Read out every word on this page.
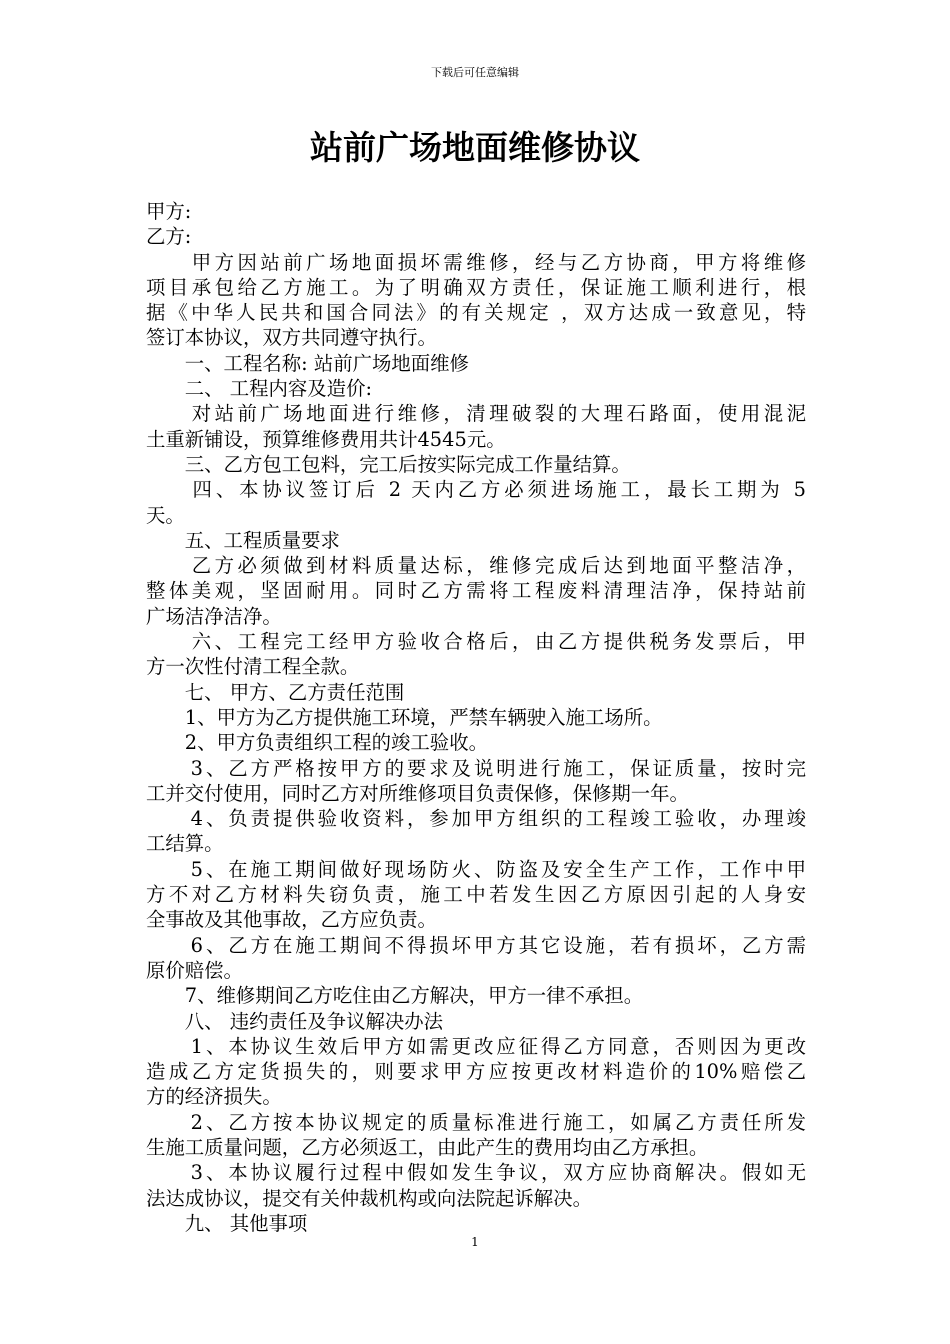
下载后可任意编辑
站前广场地面维修协议
甲方:
乙方:
　　甲方因站前广场地面损坏需维修，经与乙方协商，甲方将维修
项目承包给乙方施工。为了明确双方责任，保证施工顺利进行，根
据《中华人民共和国合同法》的有关规定 ，双方达成一致意见，特
签订本协议，双方共同遵守执行。
　　一、工程名称: 站前广场地面维修
　　二、 工程内容及造价:
　　对站前广场地面进行维修，清理破裂的大理石路面，使用混泥
土重新铺设，预算维修费用共计4545元。
　　三、乙方包工包料，完工后按实际完成工作量结算。
　　四、本协议签订后 2 天内乙方必须进场施工，最长工期为 5
天。
　　五、工程质量要求
　　乙方必须做到材料质量达标，维修完成后达到地面平整洁净，
整体美观，坚固耐用。同时乙方需将工程废料清理洁净，保持站前
广场洁净洁净。
　　六、工程完工经甲方验收合格后，由乙方提供税务发票后，甲
方一次性付清工程全款。
　　七、 甲方、乙方责任范围
　　1、甲方为乙方提供施工环境，严禁车辆驶入施工场所。
　　2、甲方负责组织工程的竣工验收。
　　3、乙方严格按甲方的要求及说明进行施工，保证质量，按时完
工并交付使用，同时乙方对所维修项目负责保修，保修期一年。
　　4、负责提供验收资料，参加甲方组织的工程竣工验收，办理竣
工结算。
　　5、在施工期间做好现场防火、防盗及安全生产工作，工作中甲
方不对乙方材料失窃负责，施工中若发生因乙方原因引起的人身安
全事故及其他事故，乙方应负责。
　　6、乙方在施工期间不得损坏甲方其它设施，若有损坏，乙方需
原价赔偿。
　　7、维修期间乙方吃住由乙方解决，甲方一律不承担。
　　八、 违约责任及争议解决办法
　　1、本协议生效后甲方如需更改应征得乙方同意，否则因为更改
造成乙方定货损失的，则要求甲方应按更改材料造价的10%赔偿乙
方的经济损失。
　　2、乙方按本协议规定的质量标准进行施工，如属乙方责任所发
生施工质量问题，乙方必须返工，由此产生的费用均由乙方承担。
　　3、本协议履行过程中假如发生争议，双方应协商解决。假如无
法达成协议，提交有关仲裁机构或向法院起诉解决。
　　九、 其他事项
1
